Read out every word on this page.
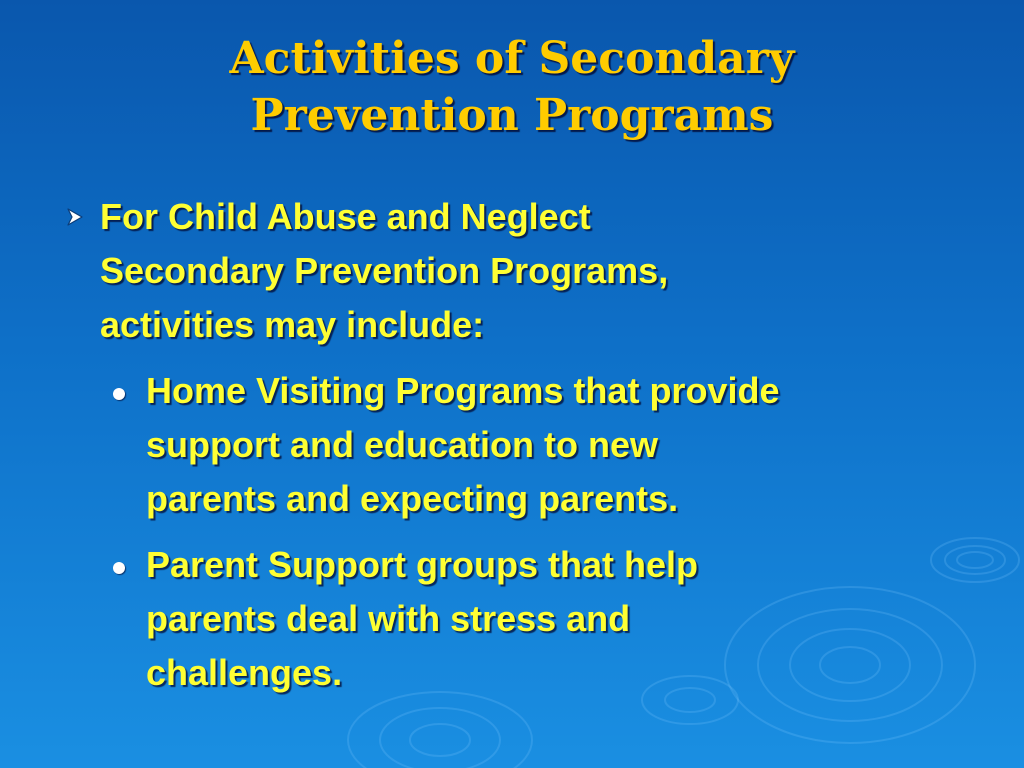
Activities of Secondary
Prevention Programs
For Child Abuse and Neglect
Secondary Prevention Programs,
activities may include:
Home Visiting Programs that provide
support and education to new
parents and expecting parents.
Parent Support groups that help
parents deal with stress and
challenges.
